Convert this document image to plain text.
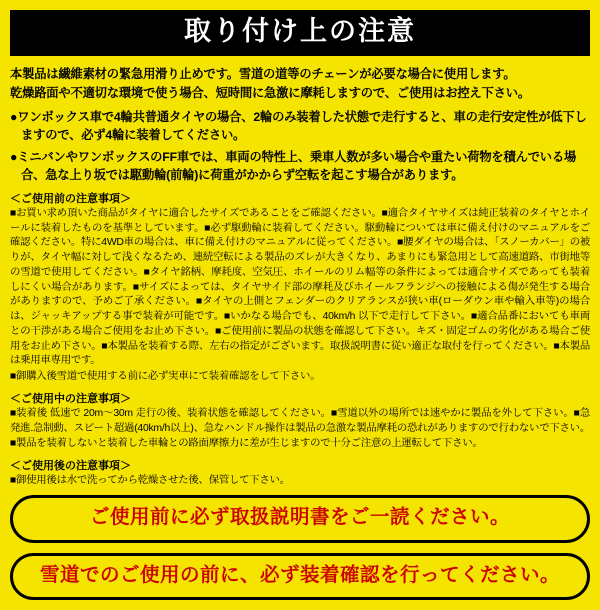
取り付け上の注意
本製品は繊維素材の緊急用滑り止めです。雪道の道等のチェーンが必要な場合に使用します。
乾燥路面や不適切な環境で使う場合、短時間に急激に摩耗しますので、ご使用はお控え下さい。

●ワンボックス車で4輪共普通タイヤの場合、2輪のみ装着した状態で走行すると、車の走行安定性が低下しますので、必ず4輪に装着してください。

●ミニバンやワンボックスのFF車では、車両の特性上、乗車人数が多い場合や重たい荷物を積んでいる場合、急な上り坂では駆動輪(前輪)に荷重がかからず空転を起こす場合があります。

＜ご使用前の注意事項＞

■お買い求め頂いた商品がタイヤに適合したサイズであることをご確認ください。■適合タイヤサイズは純正装着のタイヤとホイールに装着したものを基準としています。■必ず駆動輪に装着してください。駆動輪については車に備え付けのマニュアルをご確認ください。特に4WD車の場合は、車に備え付けのマニュアルに従ってください。■腰ダイヤの場合は、「スノーカバー」の被りが、タイヤ幅に対して浅くなるため、連続空転による製品のズレが大きくなり、あまりにも緊急用として高速道路、市街地等の雪道で使用してください。■タイヤ銘柄、摩耗度、空気圧、ホイールのリム幅等の条件によっては適合サイズであっても装着しにくい場合があります。■サイズによっては、タイヤサイド部の摩耗及びホイールフランジへの接触による傷が発生する場合がありますので、予めご了承ください。■タイヤの上側とフェンダーのクリアランスが狭い車(ローダウン車や輸入車等)の場合は、ジャッキアップする事で装着が可能です。■いかなる場合でも、40km/h 以下で走行して下さい。■適合品番においても車両との干渉がある場合ご使用をお止め下さい。■ご使用前に製品の状態を確認して下さい。キズ・固定ゴムの劣化がある場合ご使用をお止め下さい。■本製品を装着する際、左右の指定がございます。取扱説明書に従い適正な取付を行ってください。■本製品は乗用車専用です。

■御購入後雪道で使用する前に必ず実車にて装着確認をして下さい。

＜ご使用中の注意事項＞

■装着後 低速で 20m～30m 走行の後、装着状態を確認してください。■雪道以外の場所では速やかに製品を外して下さい。■急発進.急制動、スピート超過(40km/h以上)、急なハンドル操作は製品の急激な製品摩耗の恐れがありますので行わないで下さい。■製品を装着しないと装着した車輪との路面摩擦力に差が生じますので十分ご注意の上運転して下さい。

＜ご使用後の注意事項＞

■御使用後は水で洗ってから乾燥させた後、保管して下さい。

ご使用前に必ず取扱説明書をご一読ください。
雪道でのご使用の前に、必ず装着確認を行ってください。
